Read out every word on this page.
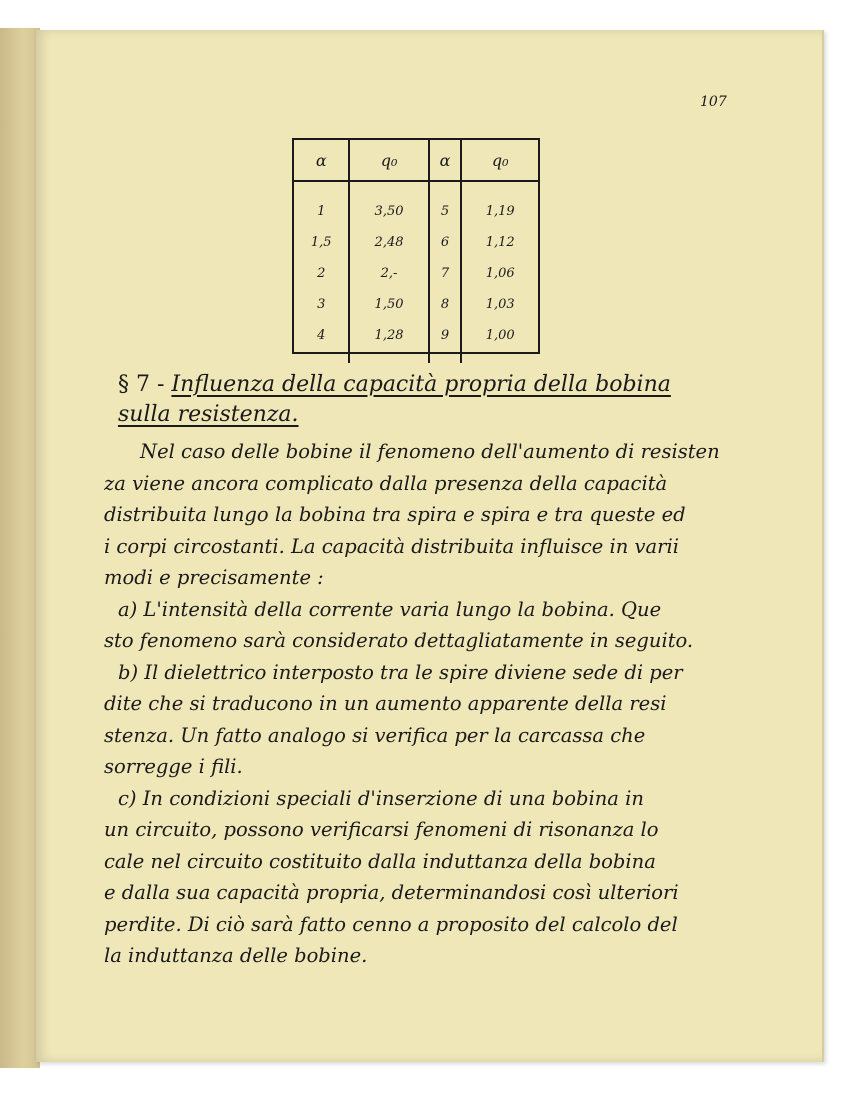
107
α	q₀	α	q₀
1	3,50	5	1,19
1,5	2,48	6	1,12
2	2,-	7	1,06
3	1,50	8	1,03
4	1,28	9	1,00
§ 7 - Influenza della capacità propria della bobina
sulla resistenza.
Nel caso delle bobine il fenomeno dell'aumento di resisten
za viene ancora complicato dalla presenza della capacità
distribuita lungo la bobina tra spira e spira e tra queste ed
i corpi circostanti. La capacità distribuita influisce in varii
modi e precisamente :
a) L'intensità della corrente varia lungo la bobina. Que
sto fenomeno sarà considerato dettagliatamente in seguito.
b) Il dielettrico interposto tra le spire diviene sede di per
dite che si traducono in un aumento apparente della resi
stenza. Un fatto analogo si verifica per la carcassa che
sorregge i fili.
c) In condizioni speciali d'inserzione di una bobina in
un circuito, possono verificarsi fenomeni di risonanza lo
cale nel circuito costituito dalla induttanza della bobina
e dalla sua capacità propria, determinandosi così ulteriori
perdite. Di ciò sarà fatto cenno a proposito del calcolo del
la induttanza delle bobine.
